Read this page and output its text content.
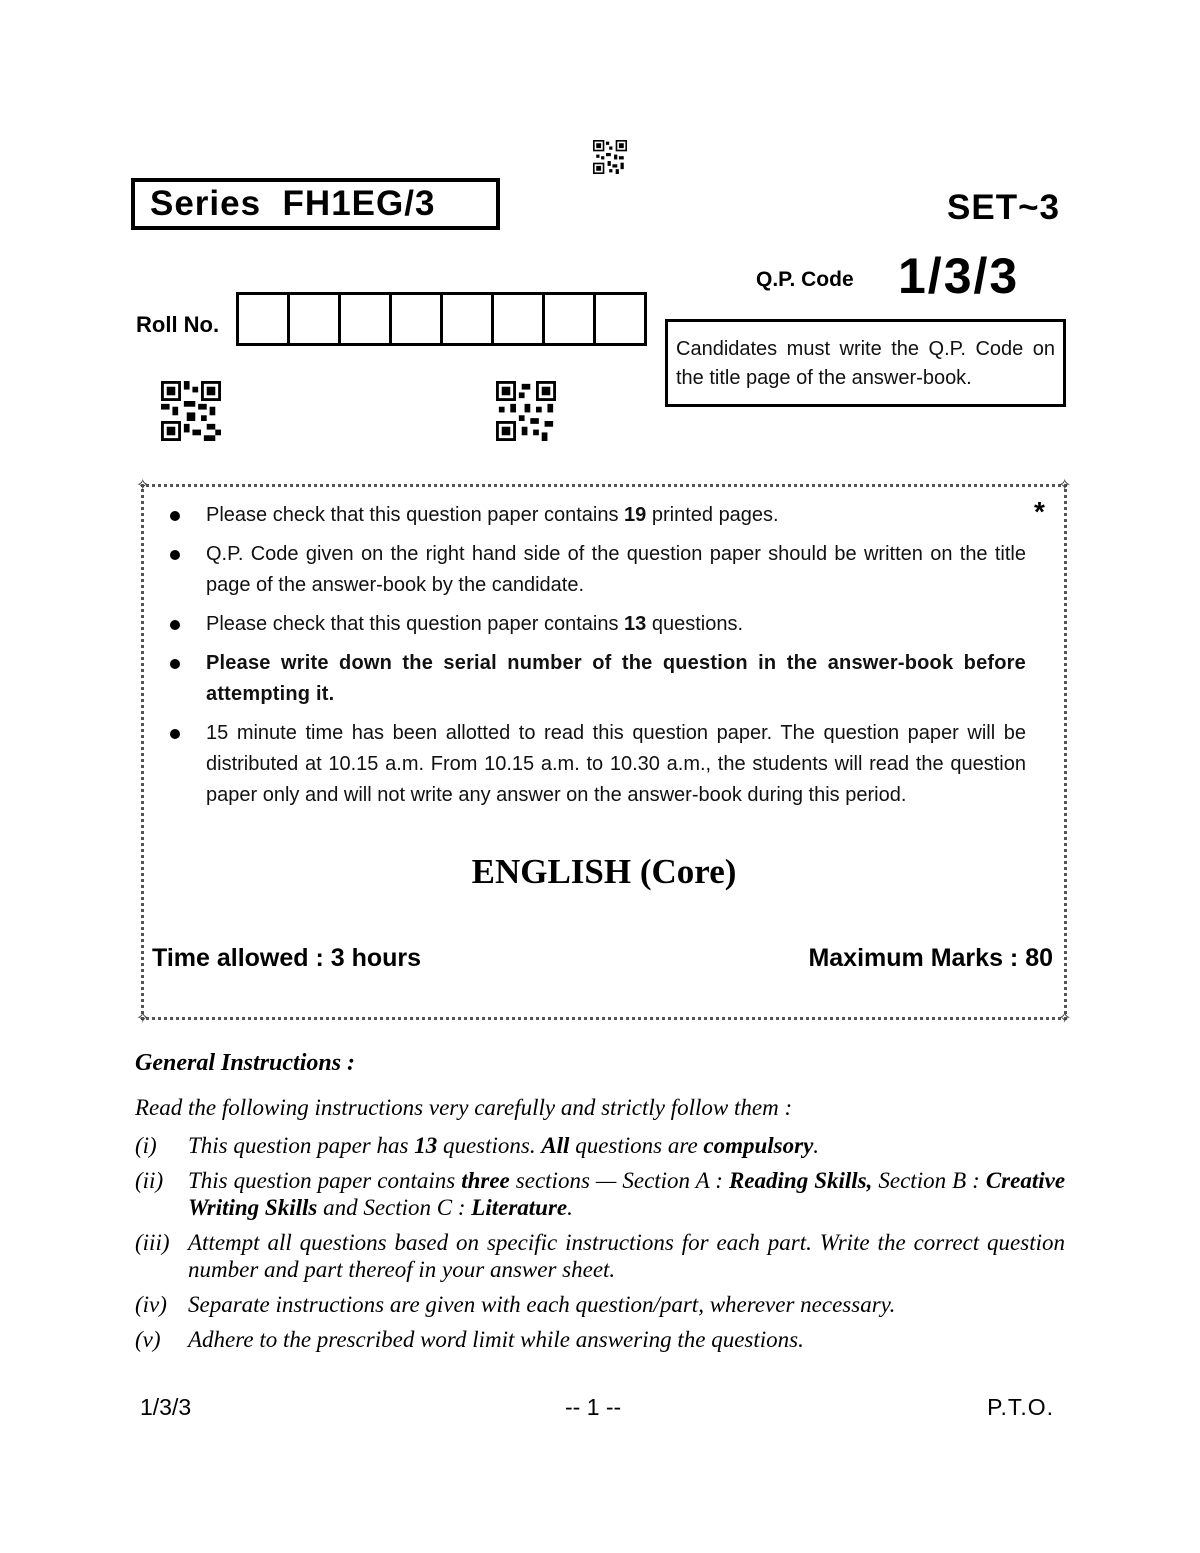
Series  FH1EG/3	SET~3
Q.P. Code 1/3/3
Roll No.
Candidates must write the Q.P. Code on the title page of the answer-book.
✧	✧
✧	✧
*
Please check that this question paper contains 19 printed pages.
Q.P. Code given on the right hand side of the question paper should be written on the title page of the answer-book by the candidate.
Please check that this question paper contains 13 questions.
Please write down the serial number of the question in the answer-book before attempting it.
15 minute time has been allotted to read this question paper. The question paper will be distributed at 10.15 a.m. From 10.15 a.m. to 10.30 a.m., the students will read the question paper only and will not write any answer on the answer-book during this period.
ENGLISH (Core)
Time allowed : 3 hours	Maximum Marks : 80
General Instructions :
Read the following instructions very carefully and strictly follow them :
(i) This question paper has 13 questions. All questions are compulsory.
(ii) This question paper contains three sections — Section A : Reading Skills, Section B : Creative Writing Skills and Section C : Literature.
(iii) Attempt all questions based on specific instructions for each part. Write the correct question number and part thereof in your answer sheet.
(iv) Separate instructions are given with each question/part, wherever necessary.
(v) Adhere to the prescribed word limit while answering the questions.
1/3/3	-- 1 --	P.T.O.
